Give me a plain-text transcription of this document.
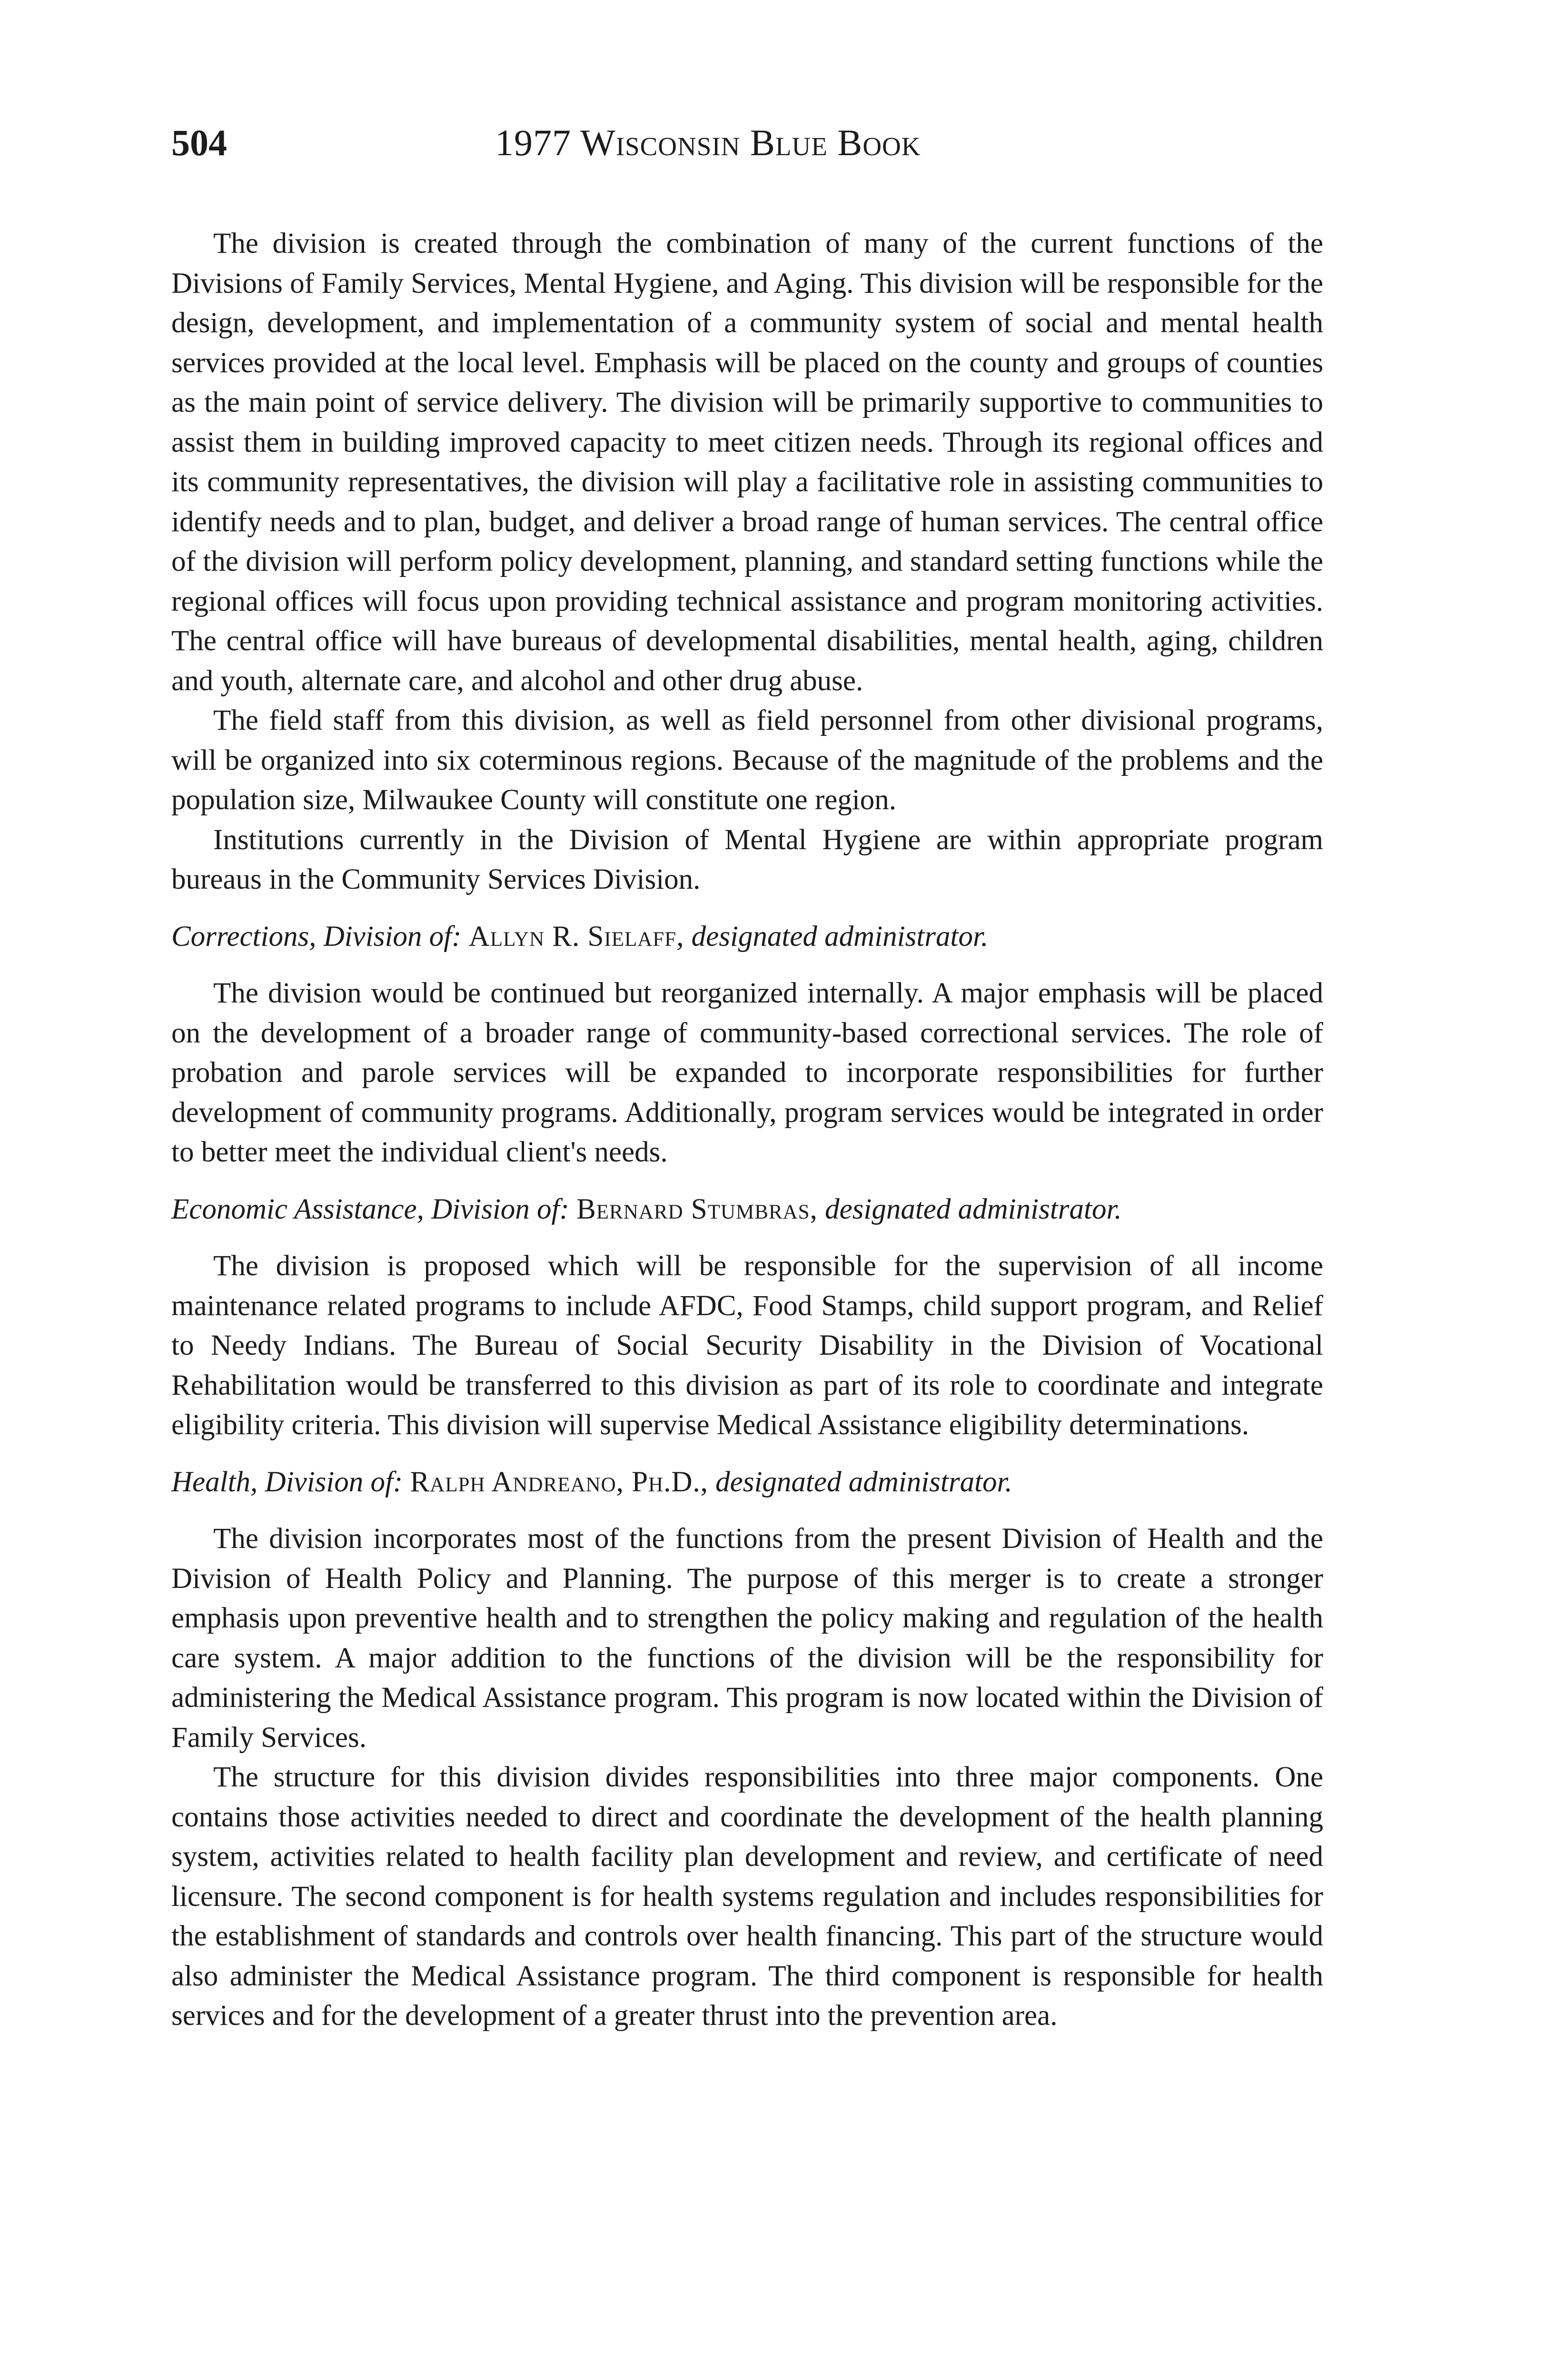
504	1977 Wisconsin Blue Book

The division is created through the combination of many of the current functions of the Divisions of Family Services, Mental Hygiene, and Aging. This division will be responsible for the design, development, and implementation of a community system of social and mental health services provided at the local level. Emphasis will be placed on the county and groups of counties as the main point of service delivery. The division will be primarily supportive to communities to assist them in building improved capacity to meet citizen needs. Through its regional offices and its community representatives, the division will play a facilitative role in assisting communities to identify needs and to plan, budget, and deliver a broad range of human services. The central office of the division will perform policy development, planning, and standard setting functions while the regional offices will focus upon providing technical assistance and program monitoring activities. The central office will have bureaus of developmental disabilities, mental health, aging, children and youth, alternate care, and alcohol and other drug abuse.

The field staff from this division, as well as field personnel from other divisional programs, will be organized into six coterminous regions. Because of the magnitude of the problems and the population size, Milwaukee County will constitute one region.

Institutions currently in the Division of Mental Hygiene are within appropriate program bureaus in the Community Services Division.

Corrections, Division of: Allyn R. Sielaff, designated administrator.

The division would be continued but reorganized internally. A major emphasis will be placed on the development of a broader range of community-based correctional services. The role of probation and parole services will be expanded to incorporate responsibilities for further development of community programs. Additionally, program services would be integrated in order to better meet the individual client's needs.

Economic Assistance, Division of: Bernard Stumbras, designated administrator.

The division is proposed which will be responsible for the supervision of all income maintenance related programs to include AFDC, Food Stamps, child support program, and Relief to Needy Indians. The Bureau of Social Security Disability in the Division of Vocational Rehabilitation would be transferred to this division as part of its role to coordinate and integrate eligibility criteria. This division will supervise Medical Assistance eligibility determinations.

Health, Division of: Ralph Andreano, Ph.D., designated administrator.

The division incorporates most of the functions from the present Division of Health and the Division of Health Policy and Planning. The purpose of this merger is to create a stronger emphasis upon preventive health and to strengthen the policy making and regulation of the health care system. A major addition to the functions of the division will be the responsibility for administering the Medical Assistance program. This program is now located within the Division of Family Services.

The structure for this division divides responsibilities into three major components. One contains those activities needed to direct and coordinate the development of the health planning system, activities related to health facility plan development and review, and certificate of need licensure. The second component is for health systems regulation and includes responsibilities for the establishment of standards and controls over health financing. This part of the structure would also administer the Medical Assistance program. The third component is responsible for health services and for the development of a greater thrust into the prevention area.
